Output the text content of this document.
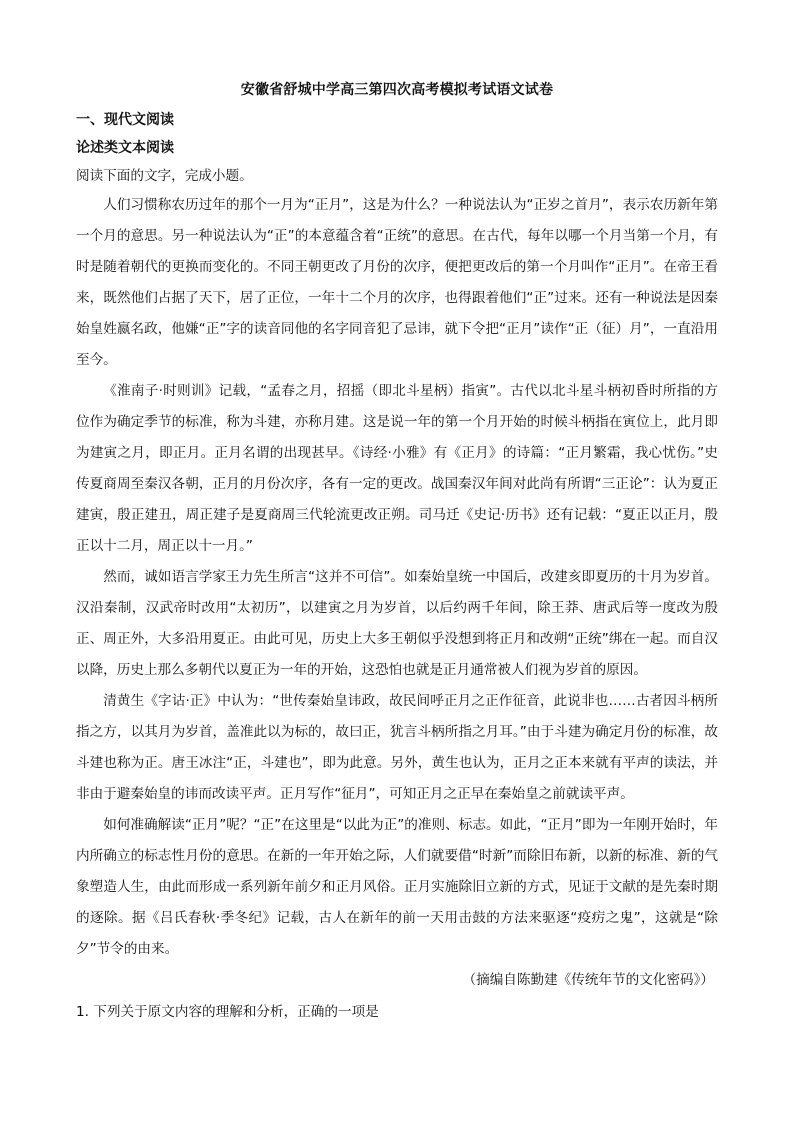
安徽省舒城中学高三第四次高考模拟考试语文试卷
一、现代文阅读
论述类文本阅读
阅读下面的文字，完成小题。

人们习惯称农历过年的那个一月为“正月”，这是为什么？一种说法认为“正岁之首月”，表示农历新年第一个月的意思。另一种说法认为“正”的本意蕴含着“正统”的意思。在古代，每年以哪一个月当第一个月，有时是随着朝代的更换而变化的。不同王朝更改了月份的次序，便把更改后的第一个月叫作“正月”。在帝王看来，既然他们占据了天下，居了正位，一年十二个月的次序，也得跟着他们“正”过来。还有一种说法是因秦始皇姓嬴名政，他嫌“正”字的读音同他的名字同音犯了忌讳，就下令把“正月”读作“正（征）月”，一直沿用至今。

《淮南子·时则训》记载，“孟春之月，招摇（即北斗星柄）指寅”。古代以北斗星斗柄初昏时所指的方位作为确定季节的标准，称为斗建，亦称月建。这是说一年的第一个月开始的时候斗柄指在寅位上，此月即为建寅之月，即正月。正月名谓的出现甚早。《诗经·小雅》有《正月》的诗篇：“正月繁霜，我心忧伤。”史传夏商周至秦汉各朝，正月的月份次序，各有一定的更改。战国秦汉年间对此尚有所谓“三正论”：认为夏正建寅，殷正建丑，周正建子是夏商周三代轮流更改正朔。司马迁《史记·历书》还有记载：“夏正以正月，殷正以十二月，周正以十一月。”

然而，诚如语言学家王力先生所言“这并不可信”。如秦始皇统一中国后，改建亥即夏历的十月为岁首。汉沿秦制，汉武帝时改用“太初历”，以建寅之月为岁首，以后约两千年间，除王莽、唐武后等一度改为殷正、周正外，大多沿用夏正。由此可见，历史上大多王朝似乎没想到将正月和改朔“正统”绑在一起。而自汉以降，历史上那么多朝代以夏正为一年的开始，这恐怕也就是正月通常被人们视为岁首的原因。

清黄生《字诂·正》中认为：“世传秦始皇讳政，故民间呼正月之正作征音，此说非也……古者因斗柄所指之方，以其月为岁首，盖准此以为标的，故曰正，犹言斗柄所指之月耳。”由于斗建为确定月份的标准，故斗建也称为正。唐王冰注“正，斗建也”，即为此意。另外，黄生也认为，正月之正本来就有平声的读法，并非由于避秦始皇的讳而改读平声。正月写作“征月”，可知正月之正早在秦始皇之前就读平声。

如何准确解读“正月”呢？“正”在这里是“以此为正”的准则、标志。如此，“正月”即为一年刚开始时，年内所确立的标志性月份的意思。在新的一年开始之际，人们就要借“时新”而除旧布新，以新的标准、新的气象塑造人生，由此而形成一系列新年前夕和正月风俗。正月实施除旧立新的方式，见证于文献的是先秦时期的逐除。据《吕氏春秋·季冬纪》记载，古人在新年的前一天用击鼓的方法来驱逐“疫疠之鬼”，这就是“除夕”节令的由来。

（摘编自陈勤建《传统年节的文化密码》）
1. 下列关于原文内容的理解和分析，正确的一项是
